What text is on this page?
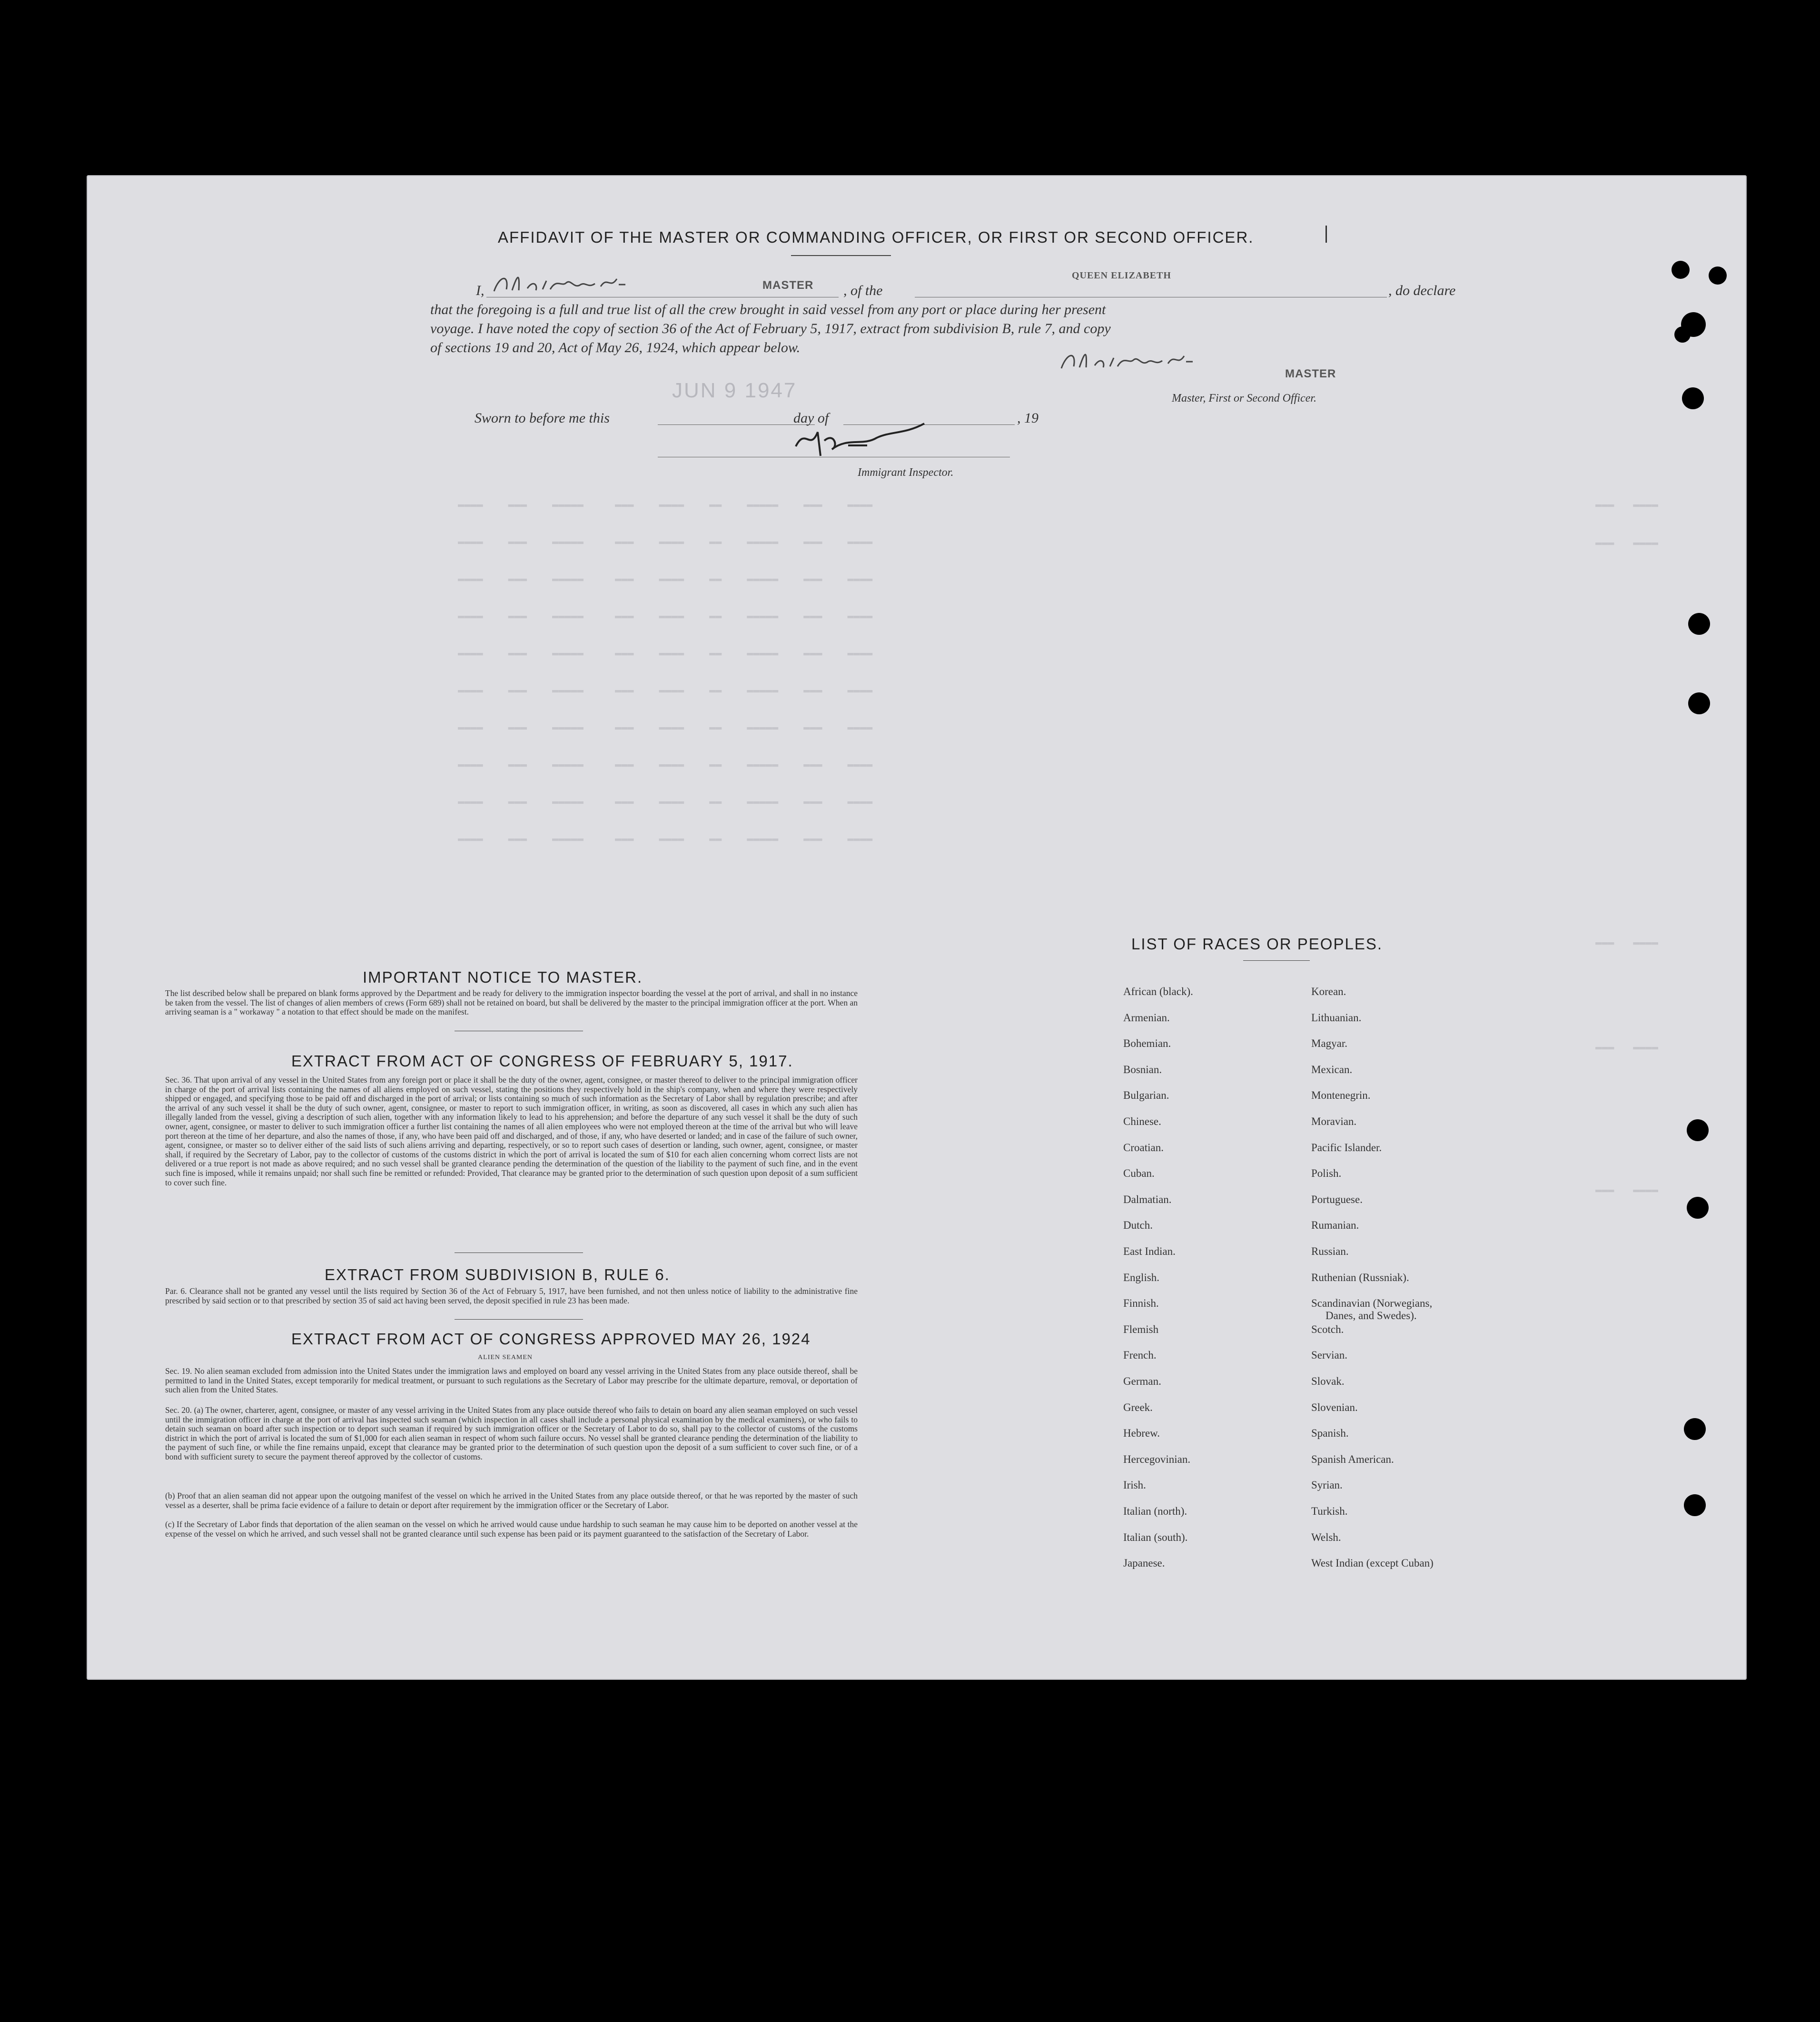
▬▬▬   ▬▬▬▬
▬▬▬   ▬▬▬▬
▬▬▬▬    ▬▬▬    ▬▬▬▬▬     ▬▬▬    ▬▬▬▬    ▬▬    ▬▬▬▬▬    ▬▬▬    ▬▬▬▬
▬▬▬▬    ▬▬▬    ▬▬▬▬▬     ▬▬▬    ▬▬▬▬    ▬▬    ▬▬▬▬▬    ▬▬▬    ▬▬▬▬
▬▬▬▬    ▬▬▬    ▬▬▬▬▬     ▬▬▬    ▬▬▬▬    ▬▬    ▬▬▬▬▬    ▬▬▬    ▬▬▬▬
▬▬▬▬    ▬▬▬    ▬▬▬▬▬     ▬▬▬    ▬▬▬▬    ▬▬    ▬▬▬▬▬    ▬▬▬    ▬▬▬▬
▬▬▬▬    ▬▬▬    ▬▬▬▬▬     ▬▬▬    ▬▬▬▬    ▬▬    ▬▬▬▬▬    ▬▬▬    ▬▬▬▬
▬▬▬▬    ▬▬▬    ▬▬▬▬▬     ▬▬▬    ▬▬▬▬    ▬▬    ▬▬▬▬▬    ▬▬▬    ▬▬▬▬
▬▬▬▬    ▬▬▬    ▬▬▬▬▬     ▬▬▬    ▬▬▬▬    ▬▬    ▬▬▬▬▬    ▬▬▬    ▬▬▬▬
▬▬▬▬    ▬▬▬    ▬▬▬▬▬     ▬▬▬    ▬▬▬▬    ▬▬    ▬▬▬▬▬    ▬▬▬    ▬▬▬▬
▬▬▬▬    ▬▬▬    ▬▬▬▬▬     ▬▬▬    ▬▬▬▬    ▬▬    ▬▬▬▬▬    ▬▬▬    ▬▬▬▬
▬▬▬▬    ▬▬▬    ▬▬▬▬▬     ▬▬▬    ▬▬▬▬    ▬▬    ▬▬▬▬▬    ▬▬▬    ▬▬▬▬
▬▬▬   ▬▬▬▬
▬▬▬   ▬▬▬▬
▬▬▬   ▬▬▬▬
AFFIDAVIT OF THE MASTER OR COMMANDING OFFICER, OR FIRST OR SECOND OFFICER.
I,	MASTER , of the
QUEEN ELIZABETH
, do declare
that the foregoing is a full and true list of all the crew brought in said vessel from any port or place during her present
voyage. I have noted the copy of section 36 of the Act of February 5, 1917, extract from subdivision B, rule 7, and copy
of sections 19 and 20, Act of May 26, 1924, which appear below.
MASTER
Master, First or Second Officer.
Sworn to before me this
JUN 9 1947
day of	, 19
Immigrant Inspector.
IMPORTANT NOTICE TO MASTER.
The list described below shall be prepared on blank forms approved by the Department and be ready for delivery to the immigration inspector boarding the vessel at the port of arrival, and shall in no instance be taken from the vessel. The list of changes of alien members of crews (Form 689) shall not be retained on board, but shall be delivered by the master to the principal immigration officer at the port. When an arriving seaman is a " workaway " a notation to that effect should be made on the manifest.
EXTRACT FROM ACT OF CONGRESS OF FEBRUARY 5, 1917.
Sec. 36. That upon arrival of any vessel in the United States from any foreign port or place it shall be the duty of the owner, agent, consignee, or master thereof to deliver to the principal immigration officer in charge of the port of arrival lists containing the names of all aliens employed on such vessel, stating the positions they respectively hold in the ship's company, when and where they were respectively shipped or engaged, and specifying those to be paid off and discharged in the port of arrival; or lists containing so much of such information as the Secretary of Labor shall by regulation prescribe; and after the arrival of any such vessel it shall be the duty of such owner, agent, consignee, or master to report to such immigration officer, in writing, as soon as discovered, all cases in which any such alien has illegally landed from the vessel, giving a description of such alien, together with any information likely to lead to his apprehension; and before the departure of any such vessel it shall be the duty of such owner, agent, consignee, or master to deliver to such immigration officer a further list containing the names of all alien employees who were not employed thereon at the time of the arrival but who will leave port thereon at the time of her departure, and also the names of those, if any, who have been paid off and discharged, and of those, if any, who have deserted or landed; and in case of the failure of such owner, agent, consignee, or master so to deliver either of the said lists of such aliens arriving and departing, respectively, or so to report such cases of desertion or landing, such owner, agent, consignee, or master shall, if required by the Secretary of Labor, pay to the collector of customs of the customs district in which the port of arrival is located the sum of $10 for each alien concerning whom correct lists are not delivered or a true report is not made as above required; and no such vessel shall be granted clearance pending the determination of the question of the liability to the payment of such fine, and in the event such fine is imposed, while it remains unpaid; nor shall such fine be remitted or refunded: Provided, That clearance may be granted prior to the determination of such question upon deposit of a sum sufficient to cover such fine.
EXTRACT FROM SUBDIVISION B, RULE 6.
Par. 6. Clearance shall not be granted any vessel until the lists required by Section 36 of the Act of February 5, 1917, have been furnished, and not then unless notice of liability to the administrative fine prescribed by said section or to that prescribed by section 35 of said act having been served, the deposit specified in rule 23 has been made.
EXTRACT FROM ACT OF CONGRESS APPROVED MAY 26, 1924
ALIEN SEAMEN
Sec. 19. No alien seaman excluded from admission into the United States under the immigration laws and employed on board any vessel arriving in the United States from any place outside thereof, shall be permitted to land in the United States, except temporarily for medical treatment, or pursuant to such regulations as the Secretary of Labor may prescribe for the ultimate departure, removal, or deportation of such alien from the United States.
Sec. 20. (a) The owner, charterer, agent, consignee, or master of any vessel arriving in the United States from any place outside thereof who fails to detain on board any alien seaman employed on such vessel until the immigration officer in charge at the port of arrival has inspected such seaman (which inspection in all cases shall include a personal physical examination by the medical examiners), or who fails to detain such seaman on board after such inspection or to deport such seaman if required by such immigration officer or the Secretary of Labor to do so, shall pay to the collector of customs of the customs district in which the port of arrival is located the sum of $1,000 for each alien seaman in respect of whom such failure occurs. No vessel shall be granted clearance pending the determination of the liability to the payment of such fine, or while the fine remains unpaid, except that clearance may be granted prior to the determination of such question upon the deposit of a sum sufficient to cover such fine, or of a bond with sufficient surety to secure the payment thereof approved by the collector of customs.
(b) Proof that an alien seaman did not appear upon the outgoing manifest of the vessel on which he arrived in the United States from any place outside thereof, or that he was reported by the master of such vessel as a deserter, shall be prima facie evidence of a failure to detain or deport after requirement by the immigration officer or the Secretary of Labor.
(c) If the Secretary of Labor finds that deportation of the alien seaman on the vessel on which he arrived would cause undue hardship to such seaman he may cause him to be deported on another vessel at the expense of the vessel on which he arrived, and such vessel shall not be granted clearance until such expense has been paid or its payment guaranteed to the satisfaction of the Secretary of Labor.
LIST OF RACES OR PEOPLES.
African (black).
Armenian.
Bohemian.
Bosnian.
Bulgarian.
Chinese.
Croatian.
Cuban.
Dalmatian.
Dutch.
East Indian.
English.
Finnish.
Flemish
French.
German.
Greek.
Hebrew.
Hercegovinian.
Irish.
Italian (north).
Italian (south).
Japanese.
Korean.
Lithuanian.
Magyar.
Mexican.
Montenegrin.
Moravian.
Pacific Islander.
Polish.
Portuguese.
Rumanian.
Russian.
Ruthenian (Russniak).
Scandinavian (Norwegians,
Danes, and Swedes).
Scotch.
Servian.
Slovak.
Slovenian.
Spanish.
Spanish American.
Syrian.
Turkish.
Welsh.
West Indian (except Cuban)
